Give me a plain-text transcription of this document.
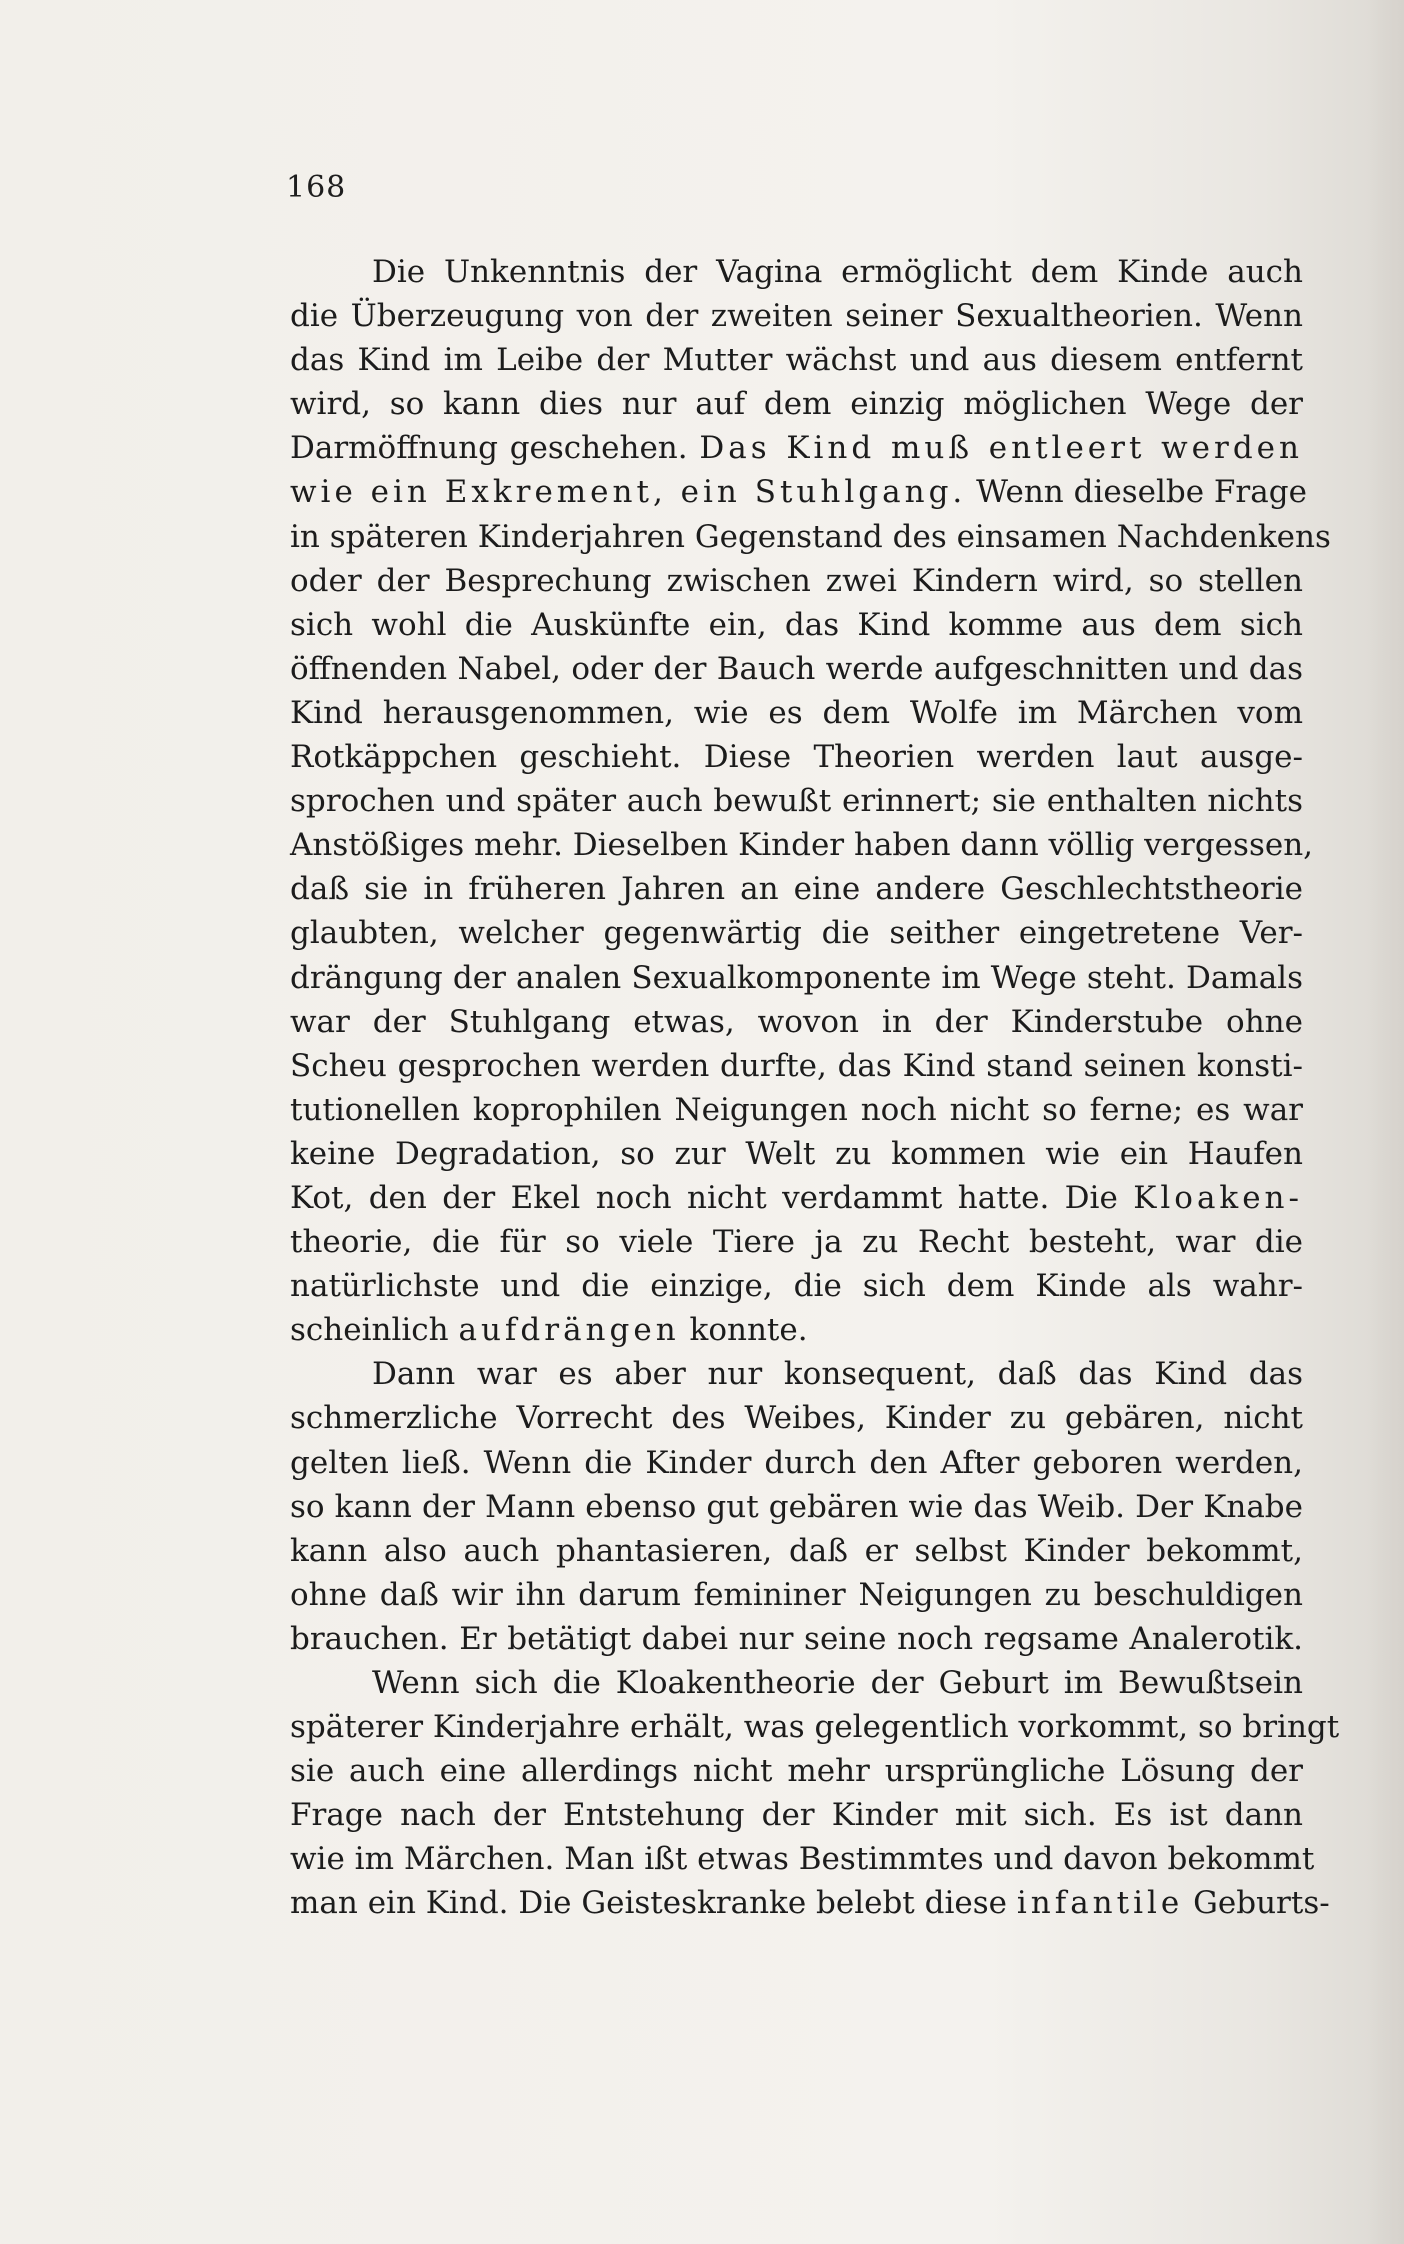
168
Die Unkenntnis der Vagina ermöglicht dem Kinde auch
die Überzeugung von der zweiten seiner Sexualtheorien. Wenn
das Kind im Leibe der Mutter wächst und aus diesem entfernt
wird, so kann dies nur auf dem einzig möglichen Wege der
Darmöffnung geschehen. Das Kind muß entleert werden
wie ein Exkrement, ein Stuhlgang. Wenn dieselbe Frage
in späteren Kinderjahren Gegenstand des einsamen Nachdenkens
oder der Besprechung zwischen zwei Kindern wird, so stellen
sich wohl die Auskünfte ein, das Kind komme aus dem sich
öffnenden Nabel, oder der Bauch werde aufgeschnitten und das
Kind herausgenommen, wie es dem Wolfe im Märchen vom
Rotkäppchen geschieht. Diese Theorien werden laut ausge-
sprochen und später auch bewußt erinnert; sie enthalten nichts
Anstößiges mehr. Dieselben Kinder haben dann völlig vergessen,
daß sie in früheren Jahren an eine andere Geschlechtstheorie
glaubten, welcher gegenwärtig die seither eingetretene Ver-
drängung der analen Sexualkomponente im Wege steht. Damals
war der Stuhlgang etwas, wovon in der Kinderstube ohne
Scheu gesprochen werden durfte, das Kind stand seinen konsti-
tutionellen koprophilen Neigungen noch nicht so ferne; es war
keine Degradation, so zur Welt zu kommen wie ein Haufen
Kot, den der Ekel noch nicht verdammt hatte. Die Kloaken-
theorie, die für so viele Tiere ja zu Recht besteht, war die
natürlichste und die einzige, die sich dem Kinde als wahr-
scheinlich aufdrängen konnte.
Dann war es aber nur konsequent, daß das Kind das
schmerzliche Vorrecht des Weibes, Kinder zu gebären, nicht
gelten ließ. Wenn die Kinder durch den After geboren werden,
so kann der Mann ebenso gut gebären wie das Weib. Der Knabe
kann also auch phantasieren, daß er selbst Kinder bekommt,
ohne daß wir ihn darum femininer Neigungen zu beschuldigen
brauchen. Er betätigt dabei nur seine noch regsame Analerotik.
Wenn sich die Kloakentheorie der Geburt im Bewußtsein
späterer Kinderjahre erhält, was gelegentlich vorkommt, so bringt
sie auch eine allerdings nicht mehr ursprüngliche Lösung der
Frage nach der Entstehung der Kinder mit sich. Es ist dann
wie im Märchen. Man ißt etwas Bestimmtes und davon bekommt
man ein Kind. Die Geisteskranke belebt diese infantile Geburts-
